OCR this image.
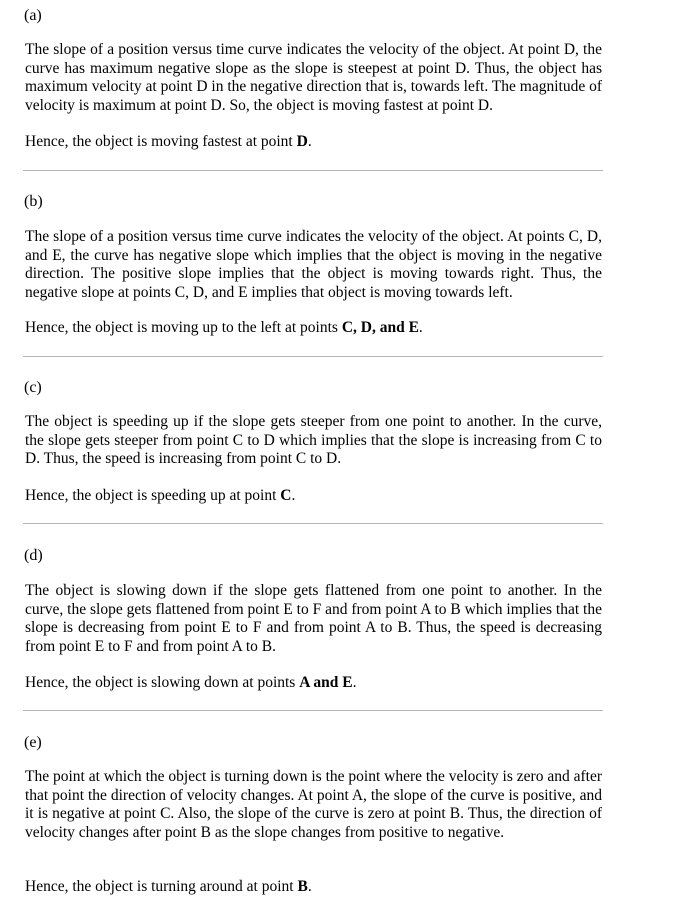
(a)

The slope of a position versus time curve indicates the velocity of the object. At point D, the curve has maximum negative slope as the slope is steepest at point D. Thus, the object has maximum velocity at point D in the negative direction that is, towards left. The magnitude of velocity is maximum at point D. So, the object is moving fastest at point D.

Hence, the object is moving fastest at point D.

(b)

The slope of a position versus time curve indicates the velocity of the object. At points C, D, and E, the curve has negative slope which implies that the object is moving in the negative direction. The positive slope implies that the object is moving towards right. Thus, the negative slope at points C, D, and E implies that object is moving towards left.

Hence, the object is moving up to the left at points C, D, and E.

(c)

The object is speeding up if the slope gets steeper from one point to another. In the curve, the slope gets steeper from point C to D which implies that the slope is increasing from C to D. Thus, the speed is increasing from point C to D.

Hence, the object is speeding up at point C.

(d)

The object is slowing down if the slope gets flattened from one point to another. In the curve, the slope gets flattened from point E to F and from point A to B which implies that the slope is decreasing from point E to F and from point A to B. Thus, the speed is decreasing from point E to F and from point A to B.

Hence, the object is slowing down at points A and E.

(e)

The point at which the object is turning down is the point where the velocity is zero and after that point the direction of velocity changes. At point A, the slope of the curve is positive, and it is negative at point C. Also, the slope of the curve is zero at point B. Thus, the direction of velocity changes after point B as the slope changes from positive to negative.

Hence, the object is turning around at point B.
